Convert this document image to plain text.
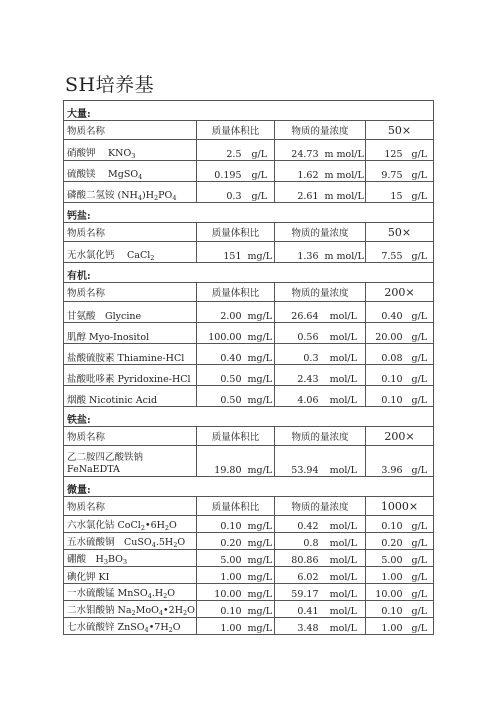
SH培养基
大量:						
物质名称	质量体积比		物质的量浓度		50×	
硝酸钾　 $KNO_3$	2.5	g/L	24.73	m mol/L	125	g/L
硫酸镁　 MgSO$_4$	0.195	g/L	1.62	m mol/L	9.75	g/L
磷酸二氢铵 $(NH_4)H_2PO_4$	0.3	g/L	2.61	m mol/L	15	g/L
钙盐:						
物质名称	质量体积比		物质的量浓度		50×	
无水氯化钙　 CaCl$_2$	151	mg/L	1.36	m mol/L	7.55	g/L
有机:						
物质名称	质量体积比		物质的量浓度		200×	
甘氨酸　Glycine	2.00	mg/L	26.64	mol/L	0.40	g/L
肌醇 Myo-Inositol	100.00	mg/L	0.56	mol/L	20.00	g/L
盐酸硫胺素 Thiamine-HCl	0.40	mg/L	0.3	mol/L	0.08	g/L
盐酸吡哆素 Pyridoxine-HCl	0.50	mg/L	2.43	mol/L	0.10	g/L
烟酸 Nicotinic Acid	0.50	mg/L	4.06	mol/L	0.10	g/L
铁盐:						
物质名称	质量体积比		物质的量浓度		200×	

乙二胺四乙酸铁钠
FeNaEDTA	19.80	mg/L	53.94	mol/L	3.96	g/L
微量:						
物质名称	质量体积比		物质的量浓度		1000×	
六水氯化钴 $CoCl_2•6H_2O$	0.10	mg/L	0.42	mol/L	0.10	g/L
五水硫酸铜　$CuSO_4.5H_2O$	0.20	mg/L	0.8	mol/L	0.20	g/L
硼酸　$H_3BO_3$	5.00	mg/L	80.86	mol/L	5.00	g/L
碘化钾 KI	1.00	mg/L	6.02	mol/L	1.00	g/L
一水硫酸锰 $MnSO_4.H_2O$	10.00	mg/L	59.17	mol/L	10.00	g/L
二水钼酸钠 $Na_2MoO_4•2H_2O$	0.10	mg/L	0.41	mol/L	0.10	g/L
七水硫酸锌 $ZnSO_4•7H_2O$	1.00	mg/L	3.48	mol/L	1.00	g/L
